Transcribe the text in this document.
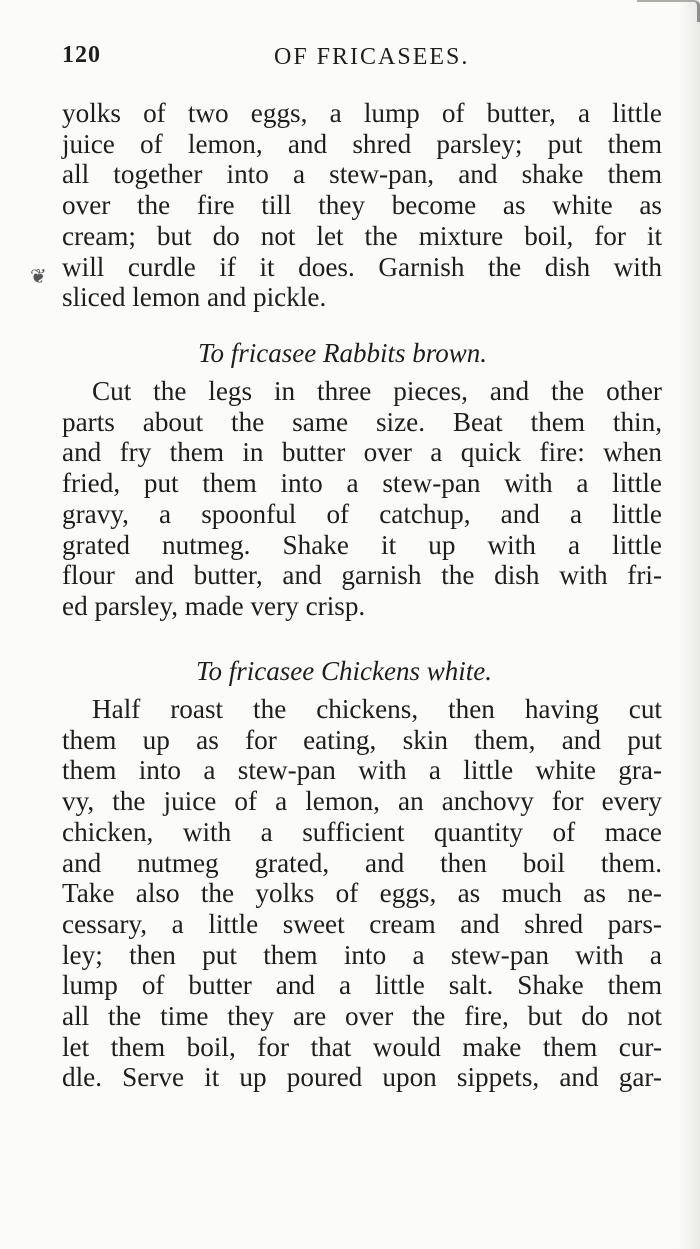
120	OF FRICASEES.
❦
yolks of two eggs, a lump of butter, a little
juice of lemon, and shred parsley; put them
all together into a stew-pan, and shake them
over the fire till they become as white as
cream; but do not let the mixture boil, for it
will curdle if it does. Garnish the dish with
sliced lemon and pickle.
To fricasee Rabbits brown.
Cut the legs in three pieces, and the other
parts about the same size. Beat them thin,
and fry them in butter over a quick fire: when
fried, put them into a stew-pan with a little
gravy, a spoonful of catchup, and a little
grated nutmeg. Shake it up with a little
flour and butter, and garnish the dish with fri-
ed parsley, made very crisp.
To fricasee Chickens white.
Half roast the chickens, then having cut
them up as for eating, skin them, and put
them into a stew-pan with a little white gra-
vy, the juice of a lemon, an anchovy for every
chicken, with a sufficient quantity of mace
and nutmeg grated, and then boil them.
Take also the yolks of eggs, as much as ne-
cessary, a little sweet cream and shred pars-
ley; then put them into a stew-pan with a
lump of butter and a little salt. Shake them
all the time they are over the fire, but do not
let them boil, for that would make them cur-
dle. Serve it up poured upon sippets, and gar-
